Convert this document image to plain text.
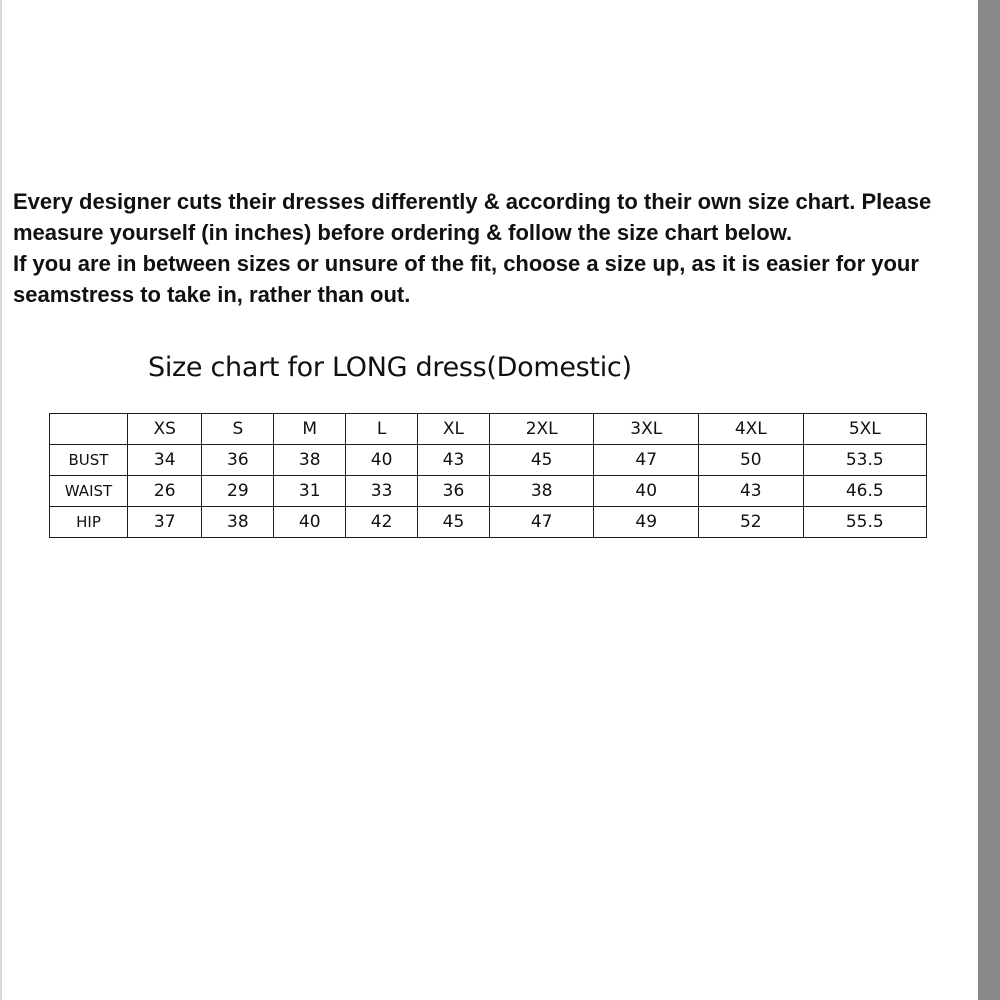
Every designer cuts their dresses differently & according to their own size chart. Please measure yourself (in inches) before ordering & follow the size chart below.

If you are in between sizes or unsure of the fit, choose a size up, as it is easier for your seamstress to take in, rather than out.

Size chart for LONG dress(Domestic)
	XS	S	M	L	XL	2XL	3XL	4XL	5XL
BUST	34	36	38	40	43	45	47	50	53.5
WAIST	26	29	31	33	36	38	40	43	46.5
HIP	37	38	40	42	45	47	49	52	55.5
